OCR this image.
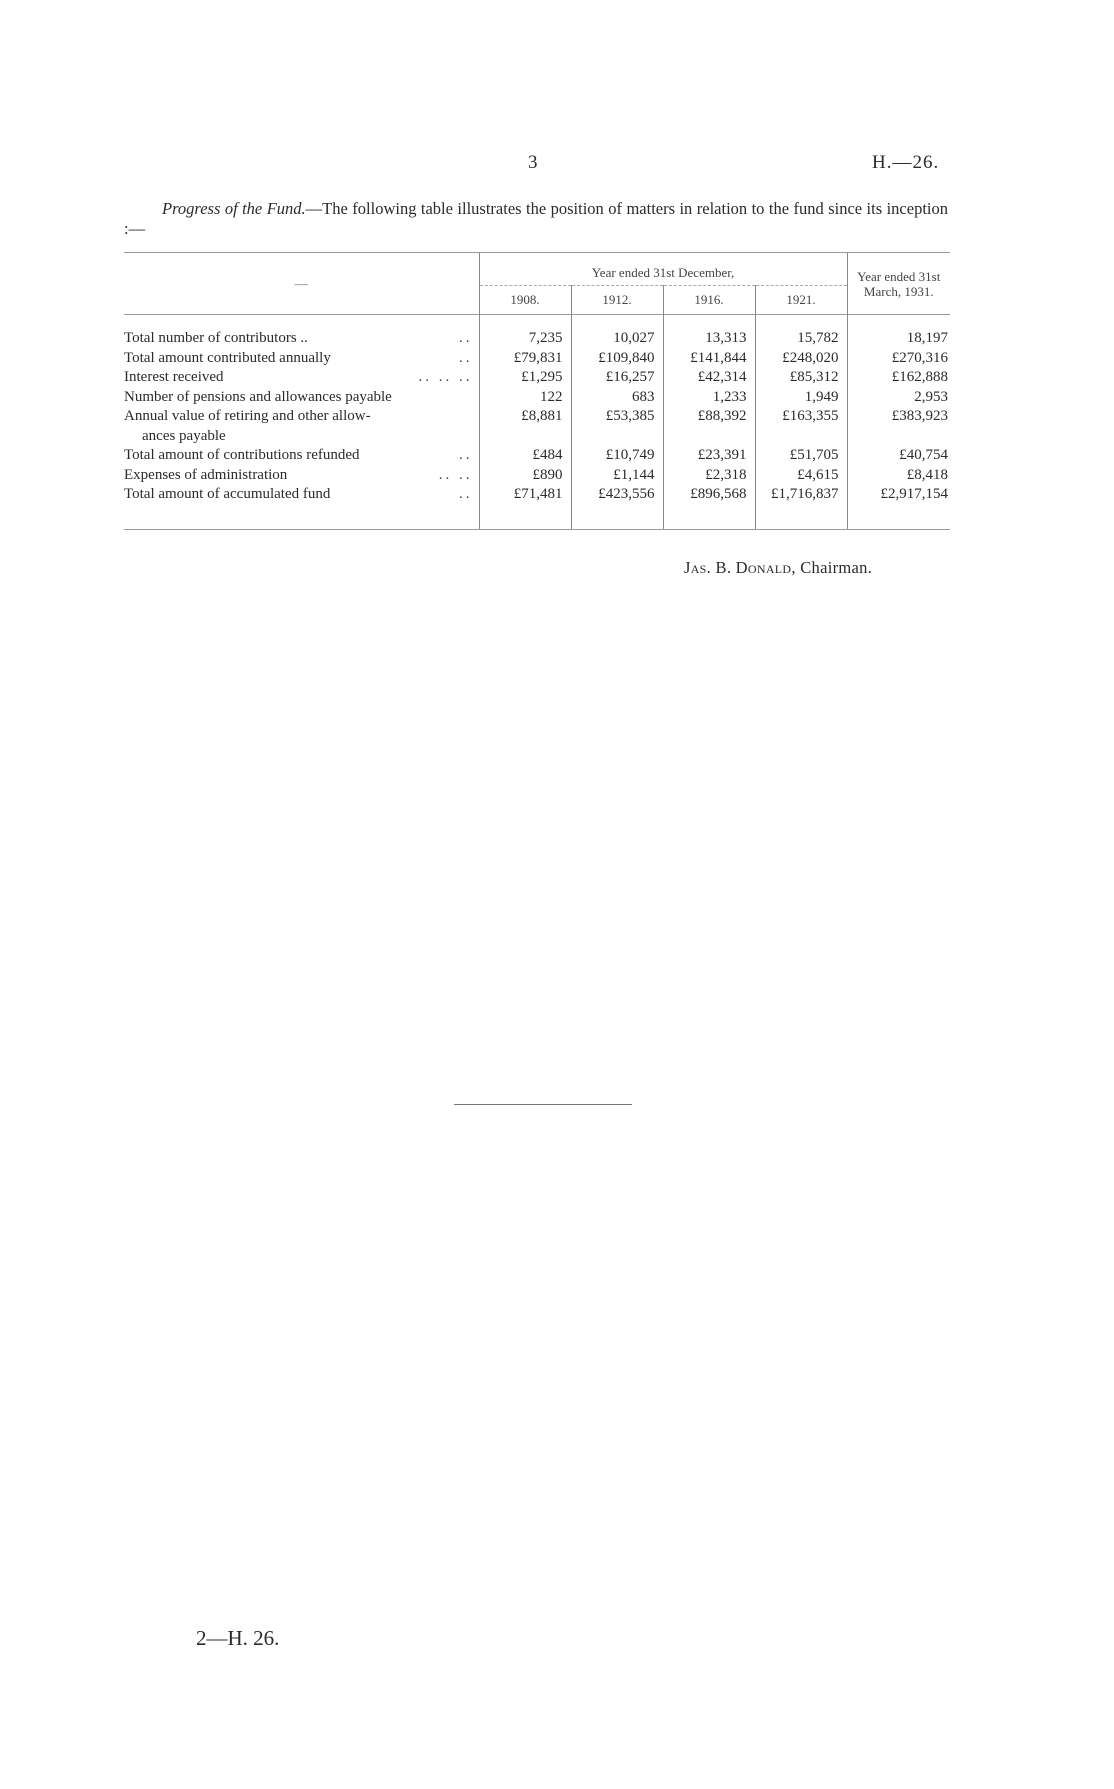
3	H.—26.
Progress of the Fund.—The following table illustrates the position of matters in relation to the fund since its inception :—
—	Year ended 31st December,				Year ended 31st March, 1931.
	1908.	1912.	1916.	1921.	

Total number of contributors .. ..	7,235	10,027	13,313	15,782	18,197

Total amount contributed annually ..	£79,831	£109,840	£141,844	£248,020	£270,316

Interest received .. .. ..	£1,295	£16,257	£42,314	£85,312	£162,888

Number of pensions and allowances payable	122	683	1,233	1,949	2,953

Annual value of retiring and other allow-
ances payable	£8,881	£53,385	£88,392	£163,355	£383,923

Total amount of contributions refunded ..	£484	£10,749	£23,391	£51,705	£40,754

Expenses of administration .. ..	£890	£1,144	£2,318	£4,615	£8,418

Total amount of accumulated fund ..	£71,481	£423,556	£896,568	£1,716,837	£2,917,154

Jas. B. Donald, Chairman.
2—H. 26.
